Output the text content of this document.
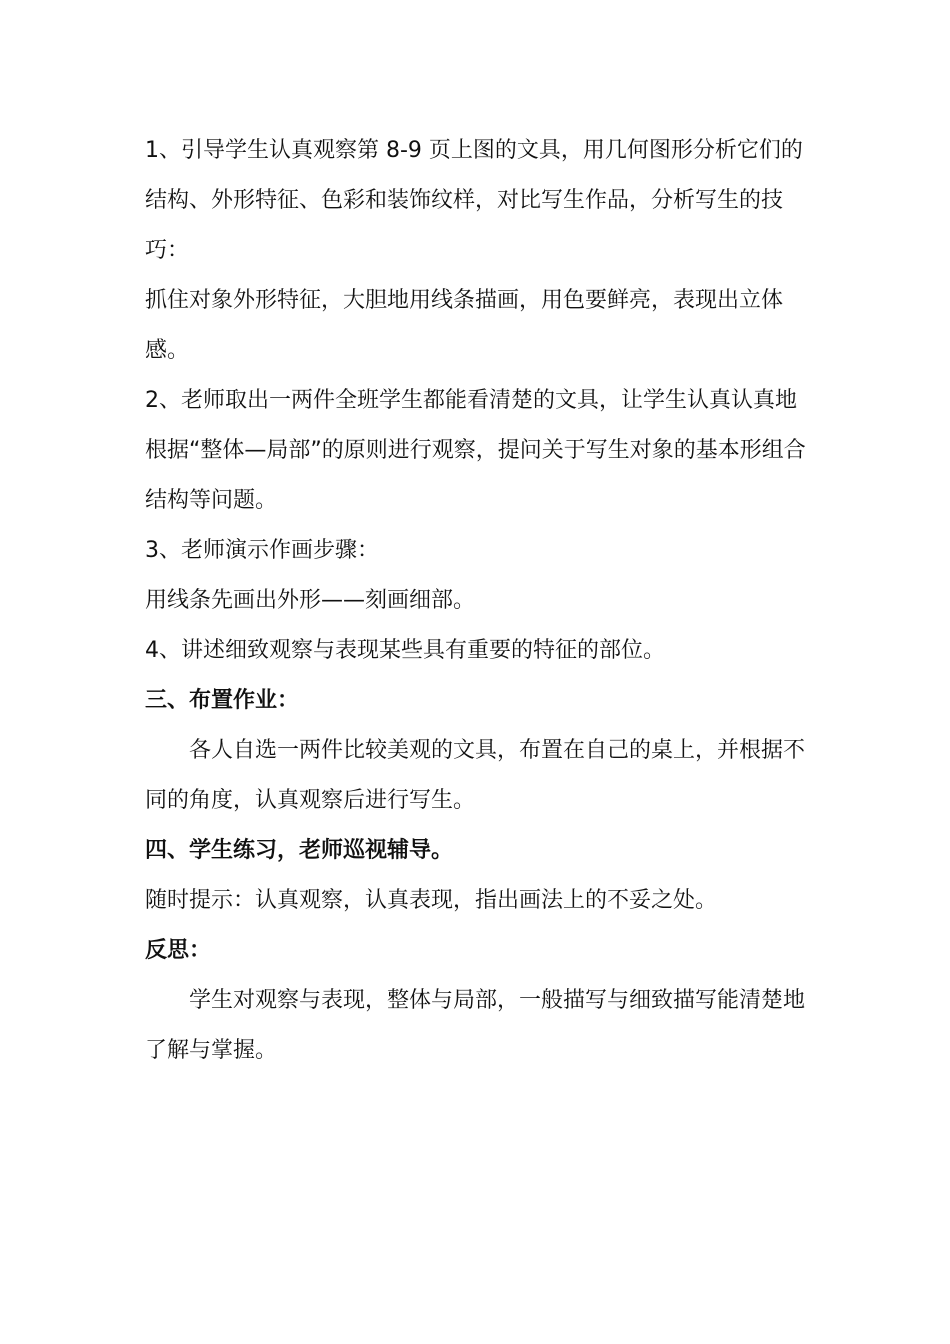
1、引导学生认真观察第 8-9 页上图的文具，用几何图形分析它们的结构、外形特征、色彩和装饰纹样，对比写生作品，分析写生的技巧：

抓住对象外形特征，大胆地用线条描画，用色要鲜亮，表现出立体感。

2、老师取出一两件全班学生都能看清楚的文具，让学生认真认真地根据“整体—局部”的原则进行观察，提问关于写生对象的基本形组合结构等问题。

3、老师演示作画步骤：

用线条先画出外形——刻画细部。

4、讲述细致观察与表现某些具有重要的特征的部位。

三、布置作业：

各人自选一两件比较美观的文具，布置在自己的桌上，并根据不同的角度，认真观察后进行写生。

四、学生练习，老师巡视辅导。

随时提示：认真观察，认真表现，指出画法上的不妥之处。

反思：

学生对观察与表现，整体与局部，一般描写与细致描写能清楚地了解与掌握。
